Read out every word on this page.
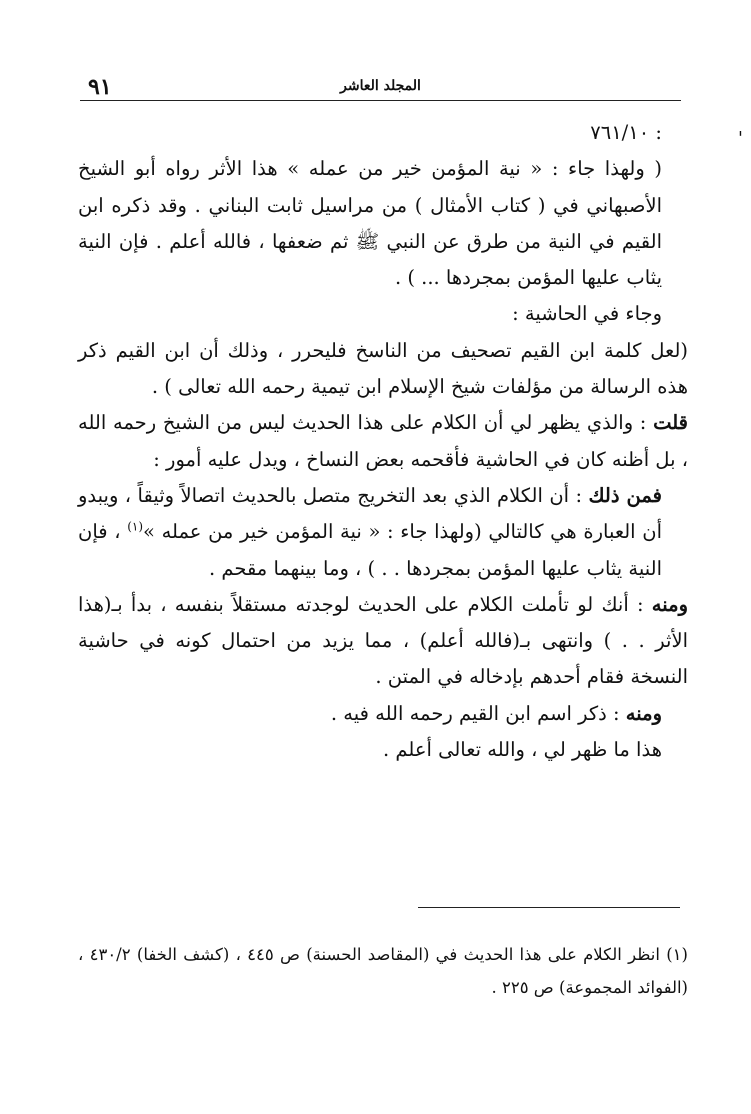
٩١	المجلد العاشر
'

: ٧٦١/١٠

( ولهذا جاء : « نية المؤمن خير من عمله » هذا الأثر رواه أبو الشيخ الأصبهاني في ( كتاب الأمثال ) من مراسيل ثابت البناني . وقد ذكره ابن القيم في النية من طرق عن النبي ﷺ ثم ضعفها ، فالله أعلم . فإن النية يثاب عليها المؤمن بمجردها ... ) .

وجاء في الحاشية :

(لعل كلمة ابن القيم تصحيف من الناسخ فليحرر ، وذلك أن ابن القيم ذكر هذه الرسالة من مؤلفات شيخ الإسلام ابن تيمية رحمه الله تعالى ) .

قلت : والذي يظهر لي أن الكلام على هذا الحديث ليس من الشيخ رحمه الله ، بل أظنه كان في الحاشية فأقحمه بعض النساخ ، ويدل عليه أمور :

فمن ذلك : أن الكلام الذي بعد التخريج متصل بالحديث اتصالاً وثيقاً ، ويبدو أن العبارة هي كالتالي (ولهذا جاء : « نية المؤمن خير من عمله »$^{(١)}$ ، فإن النية يثاب عليها المؤمن بمجردها . . ) ، وما بينهما مقحم .

ومنه : أنك لو تأملت الكلام على الحديث لوجدته مستقلاً بنفسه ، بدأ بـ(هذا الأثر . . ) وانتهى بـ(فالله أعلم) ، مما يزيد من احتمال كونه في حاشية النسخة فقام أحدهم بإدخاله في المتن .

ومنه : ذكر اسم ابن القيم رحمه الله فيه .

هذا ما ظهر لي ، والله تعالى أعلم .

(١) انظر الكلام على هذا الحديث في (المقاصد الحسنة) ص ٤٤٥ ، (كشف الخفا) ٤٣٠/٢ ، (الفوائد المجموعة) ص ٢٢٥ .
